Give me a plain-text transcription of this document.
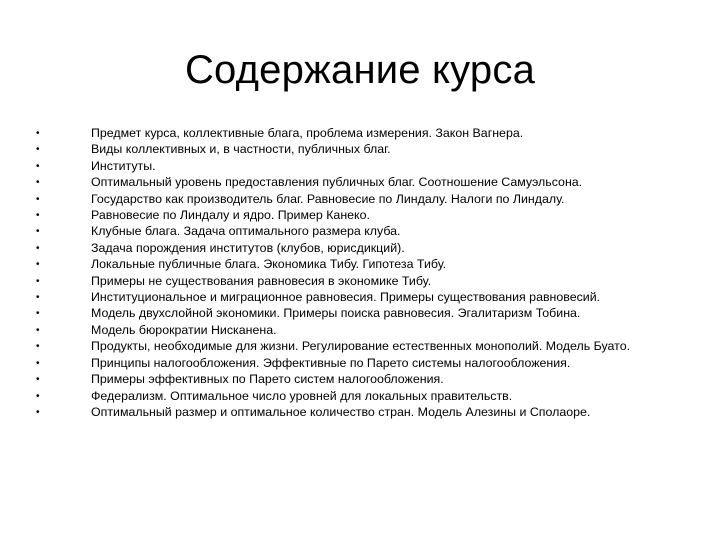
Содержание курса
•	Предмет курса, коллективные блага, проблема измерения. Закон Вагнера.
•	Виды коллективных и, в частности, публичных благ.
•	Институты.
•	Оптимальный уровень предоставления публичных благ. Соотношение Самуэльсона.
•	Государство как производитель благ. Равновесие по Линдалу. Налоги по Линдалу.
•	Равновесие по Линдалу и ядро. Пример Канеко.
•	Клубные блага. Задача оптимального размера клуба.
•	Задача порождения институтов (клубов, юрисдикций).
•	Локальные публичные блага. Экономика Тибу. Гипотеза Тибу.
•	Примеры не существования равновесия в экономике Тибу.
•	Институциональное и миграционное равновесия. Примеры существования равновесий.
•	Модель двухслойной экономики. Примеры поиска равновесия. Эгалитаризм Тобина.
•	Модель бюрократии Нисканена.
•	Продукты, необходимые для жизни. Регулирование естественных монополий. Модель Буато.
•	Принципы налогообложения. Эффективные по Парето системы налогообложения.
•	Примеры эффективных по Парето систем налогообложения.
•	Федерализм. Оптимальное число уровней для локальных правительств.
•	Оптимальный размер и оптимальное количество стран. Модель Алезины и Сполаоре.
